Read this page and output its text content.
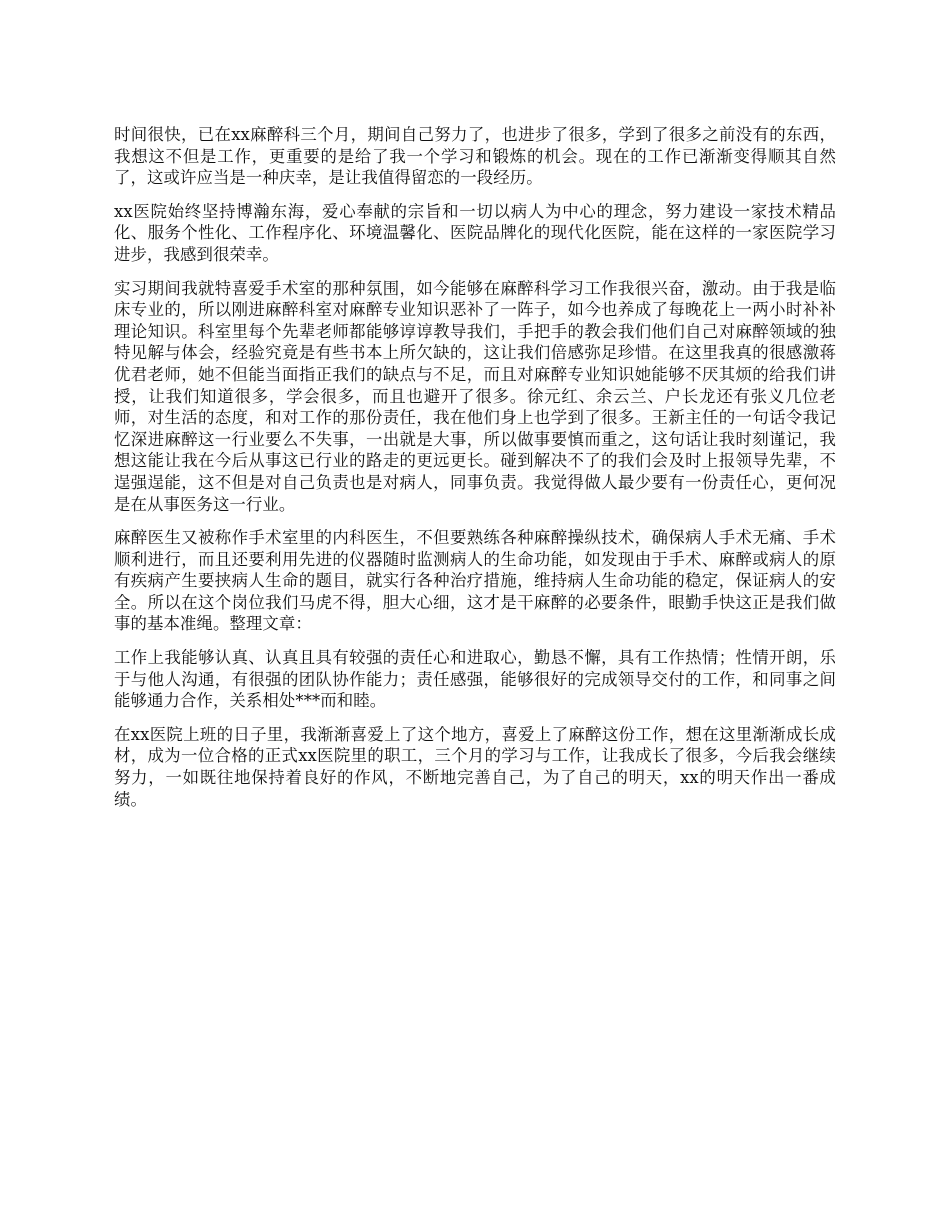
时间很快，已在xx麻醉科三个月，期间自己努力了，也进步了很多，学到了很多之前没有的东西，我想这不但是工作，更重要的是给了我一个学习和锻炼的机会。现在的工作已渐渐变得顺其自然了，这或许应当是一种庆幸，是让我值得留恋的一段经历。

xx医院始终坚持博瀚东海，爱心奉献的宗旨和一切以病人为中心的理念，努力建设一家技术精品化、服务个性化、工作程序化、环境温馨化、医院品牌化的现代化医院，能在这样的一家医院学习进步，我感到很荣幸。

实习期间我就特喜爱手术室的那种氛围，如今能够在麻醉科学习工作我很兴奋，激动。由于我是临床专业的，所以刚进麻醉科室对麻醉专业知识恶补了一阵子，如今也养成了每晚花上一两小时补补理论知识。科室里每个先辈老师都能够谆谆教导我们，手把手的教会我们他们自己对麻醉领域的独特见解与体会，经验究竟是有些书本上所欠缺的，这让我们倍感弥足珍惜。在这里我真的很感激蒋优君老师，她不但能当面指正我们的缺点与不足，而且对麻醉专业知识她能够不厌其烦的给我们讲授，让我们知道很多，学会很多，而且也避开了很多。徐元红、余云兰、户长龙还有张义几位老师，对生活的态度，和对工作的那份责任，我在他们身上也学到了很多。王新主任的一句话令我记忆深进麻醉这一行业要么不失事，一出就是大事，所以做事要慎而重之，这句话让我时刻谨记，我想这能让我在今后从事这已行业的路走的更远更长。碰到解决不了的我们会及时上报领导先辈，不逞强逞能，这不但是对自己负责也是对病人，同事负责。我觉得做人最少要有一份责任心，更何况是在从事医务这一行业。

麻醉医生又被称作手术室里的内科医生，不但要熟练各种麻醉操纵技术，确保病人手术无痛、手术顺利进行，而且还要利用先进的仪器随时监测病人的生命功能，如发现由于手术、麻醉或病人的原有疾病产生要挟病人生命的题目，就实行各种治疗措施，维持病人生命功能的稳定，保证病人的安全。所以在这个岗位我们马虎不得，胆大心细，这才是干麻醉的必要条件，眼勤手快这正是我们做事的基本准绳。整理文章：

工作上我能够认真、认真且具有较强的责任心和进取心，勤恳不懈，具有工作热情；性情开朗，乐于与他人沟通，有很强的团队协作能力；责任感强，能够很好的完成领导交付的工作，和同事之间能够通力合作，关系相处***而和睦。

在xx医院上班的日子里，我渐渐喜爱上了这个地方，喜爱上了麻醉这份工作，想在这里渐渐成长成材，成为一位合格的正式xx医院里的职工，三个月的学习与工作，让我成长了很多，今后我会继续努力，一如既往地保持着良好的作风，不断地完善自己，为了自己的明天，xx的明天作出一番成绩。
